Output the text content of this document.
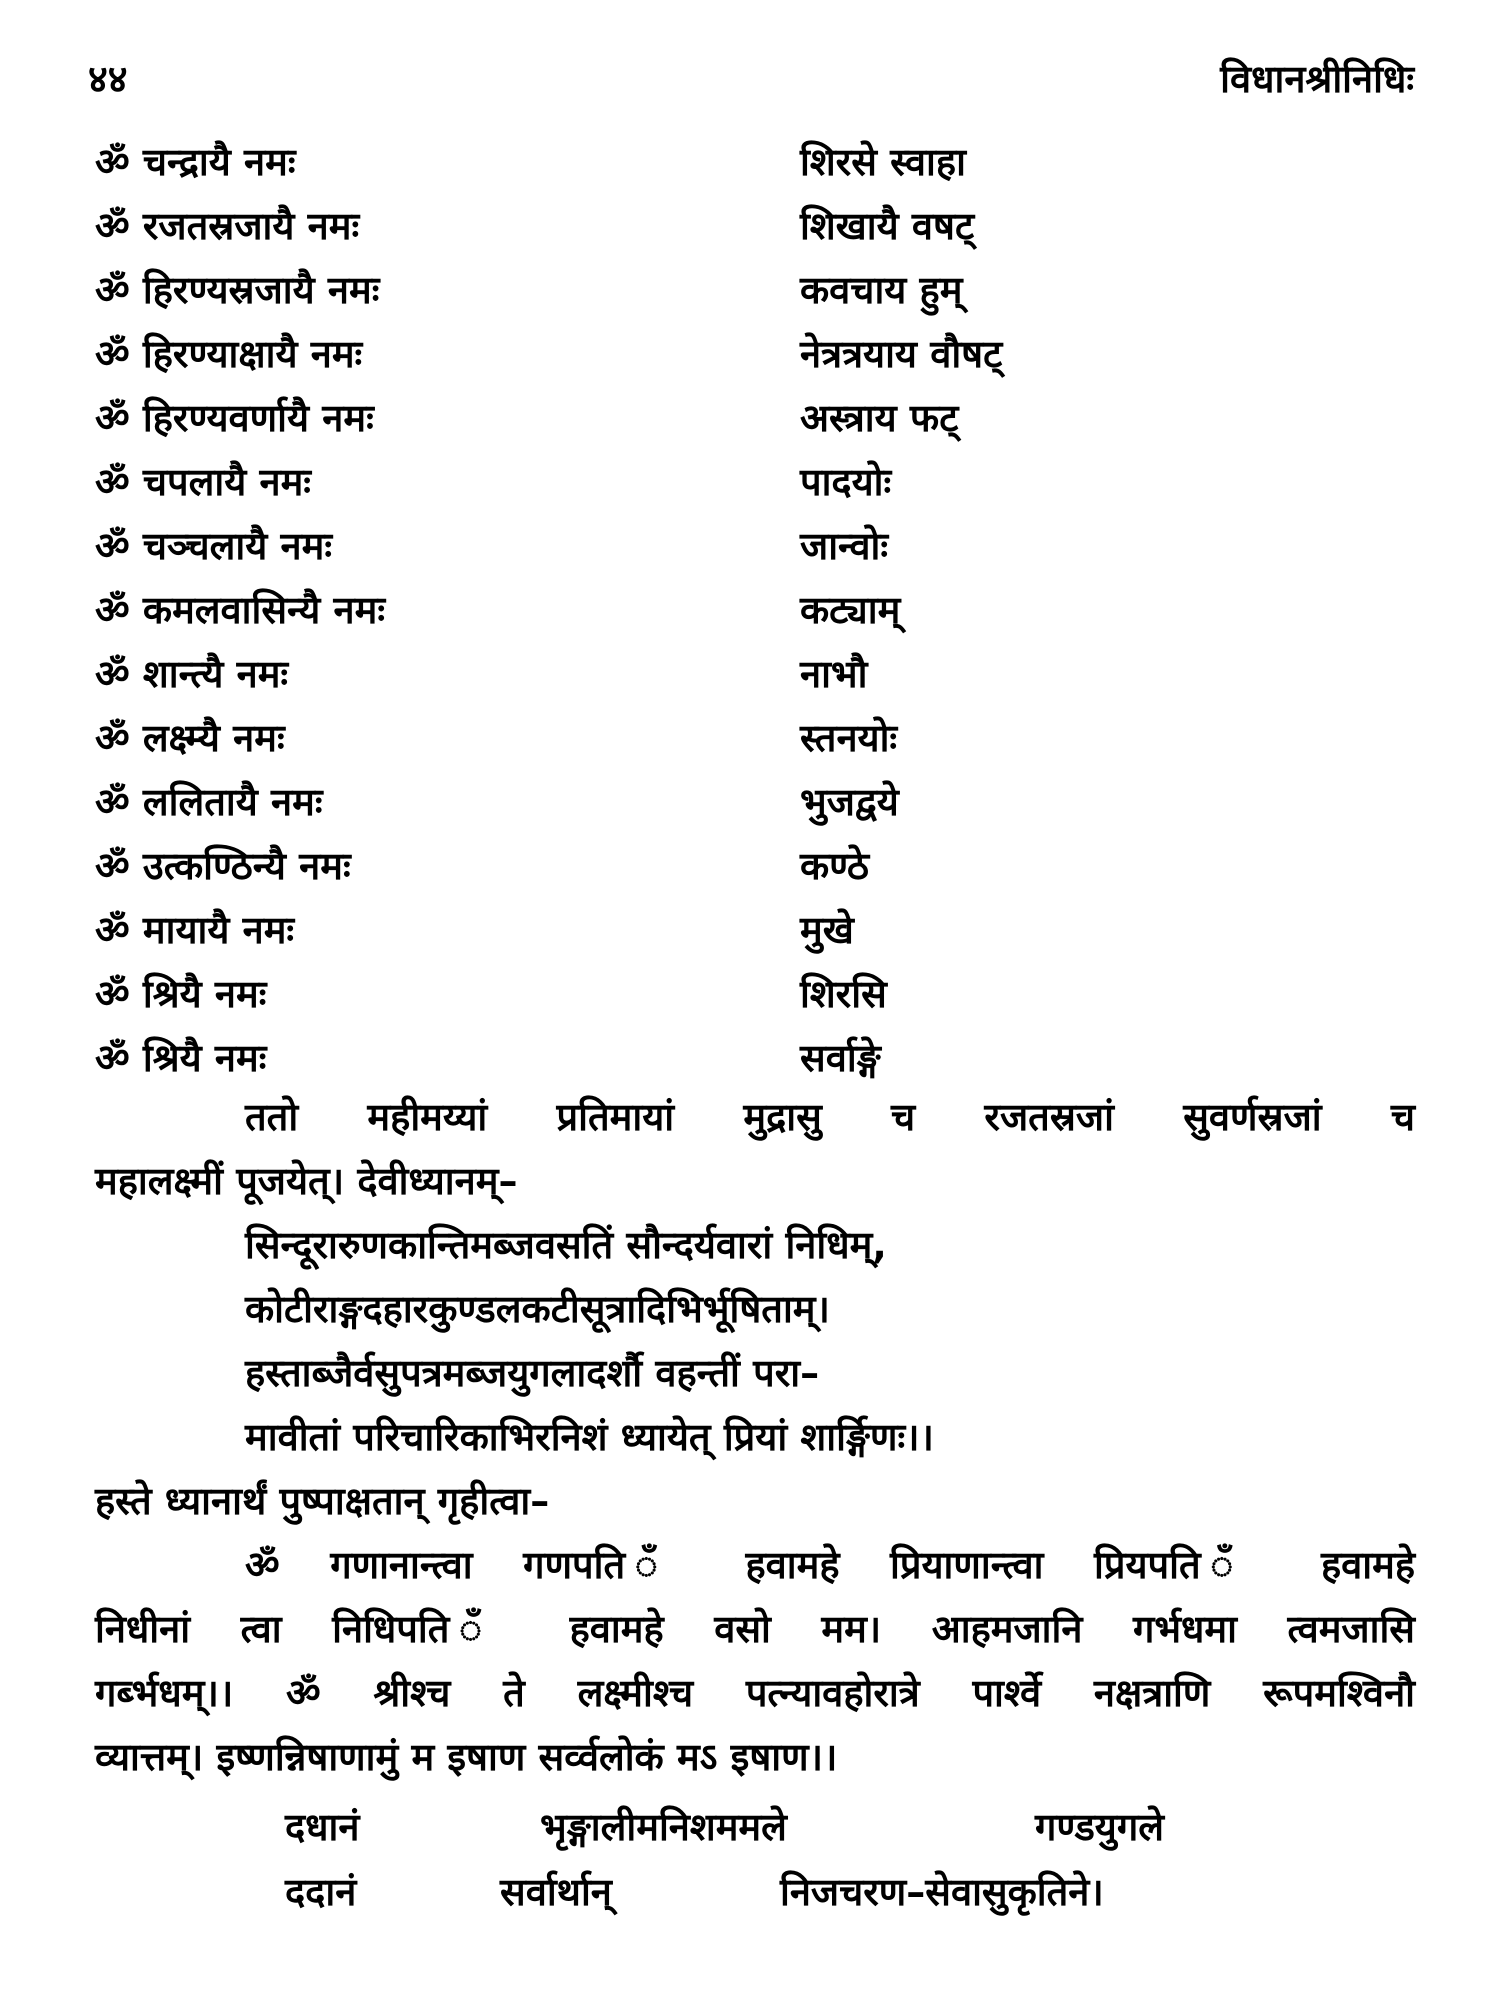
४४	विधानश्रीनिधिः
ॐ चन्द्रायै नमः	शिरसे स्वाहा
ॐ रजतस्रजायै नमः	शिखायै वषट्
ॐ हिरण्यस्रजायै नमः	कवचाय हुम्
ॐ हिरण्याक्षायै नमः	नेत्रत्रयाय वौषट्
ॐ हिरण्यवर्णायै नमः	अस्त्राय फट्
ॐ चपलायै नमः	पादयोः
ॐ चञ्चलायै नमः	जान्वोः
ॐ कमलवासिन्यै नमः	कट्याम्
ॐ शान्त्यै नमः	नाभौ
ॐ लक्ष्म्यै नमः	स्तनयोः
ॐ ललितायै नमः	भुजद्वये
ॐ उत्कण्ठिन्यै नमः	कण्ठे
ॐ मायायै नमः	मुखे
ॐ श्रियै नमः	शिरसि
ॐ श्रियै नमः	सर्वाङ्गे
ततो महीमय्यां प्रतिमायां मुद्रासु च रजतस्रजां सुवर्णस्रजां च
महालक्ष्मीं पूजयेत्। देवीध्यानम्–
सिन्दूरारुणकान्तिमब्जवसतिं सौन्दर्यवारां निधिम्,
कोटीराङ्गदहारकुण्डलकटीसूत्रादिभिर्भूषिताम्।
हस्ताब्जैर्वसुपत्रमब्जयुगलादर्शौ वहन्तीं परा–
मावीतां परिचारिकाभिरनिशं ध्यायेत् प्रियां शार्ङ्गिणः।।
हस्ते ध्यानार्थं पुष्पाक्षतान् गृहीत्वा–
ॐ गणानान्त्वा गणपति ँ हवामहे प्रियाणान्त्वा प्रियपति ँ हवामहे
निधीनां त्वा निधिपति ँ हवामहे वसो मम। आहमजानि गर्भधमा त्वमजासि
गर्ब्भधम्।। ॐ श्रीश्च ते लक्ष्मीश्च पत्न्यावहोरात्रे पार्श्वे नक्षत्राणि रूपमश्विनौ
व्यात्तम्। इष्णन्निषाणामुं म इषाण सर्व्वलोकं मऽ इषाण।।
दधानं	भृङ्गालीमनिशममले	गण्डयुगले
ददानं	सर्वार्थान्	निजचरण–सेवासुकृतिने।
